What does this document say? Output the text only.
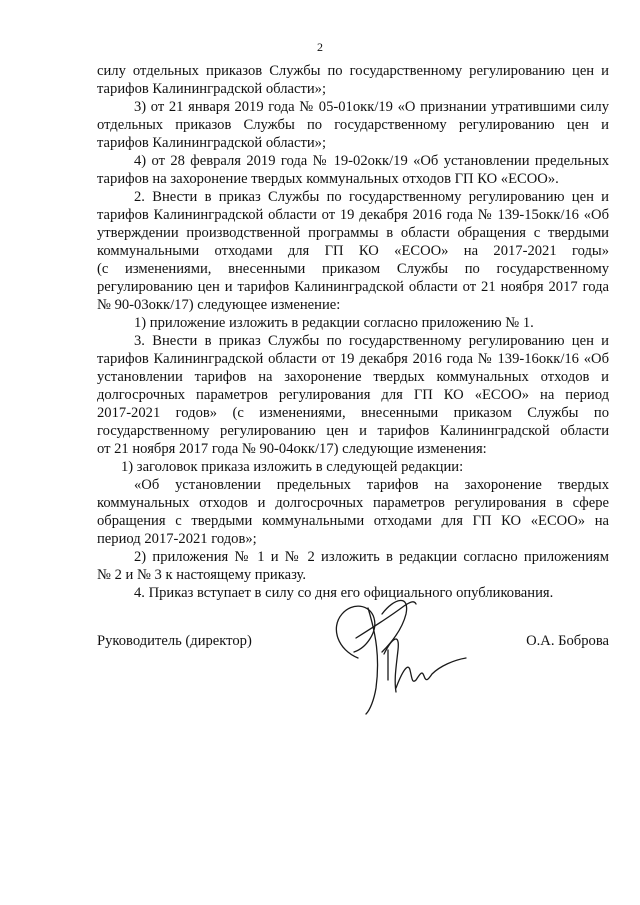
2
силу отдельных приказов Службы по государственному регулированию цен и
тарифов Калининградской области»;
3) от 21 января 2019 года № 05-01окк/19 «О признании утратившими силу
отдельных приказов Службы по государственному регулированию цен и
тарифов Калининградской области»;
4) от 28 февраля 2019 года № 19-02окк/19 «Об установлении предельных
тарифов на захоронение твердых коммунальных отходов ГП КО «ЕСОО».
2. Внести в приказ Службы по государственному регулированию цен и
тарифов Калининградской области от 19 декабря 2016 года № 139-15окк/16 «Об
утверждении производственной программы в области обращения с твердыми
коммунальными отходами для ГП КО «ЕСОО» на 2017-2021 годы»
(с изменениями, внесенными приказом Службы по государственному
регулированию цен и тарифов Калининградской области от 21 ноября 2017 года
№ 90-03окк/17) следующее изменение:
1) приложение изложить в редакции согласно приложению № 1.
3. Внести в приказ Службы по государственному регулированию цен и
тарифов Калининградской области от 19 декабря 2016 года № 139-16окк/16 «Об
установлении тарифов на захоронение твердых коммунальных отходов и
долгосрочных параметров регулирования для ГП КО «ЕСОО» на период
2017-2021 годов» (с изменениями, внесенными приказом Службы по
государственному регулированию цен и тарифов Калининградской области
от 21 ноября 2017 года № 90-04окк/17) следующие изменения:
1) заголовок приказа изложить в следующей редакции:
«Об установлении предельных тарифов на захоронение твердых
коммунальных отходов и долгосрочных параметров регулирования в сфере
обращения с твердыми коммунальными отходами для ГП КО «ЕСОО» на
период 2017-2021 годов»;
2) приложения № 1 и № 2 изложить в редакции согласно приложениям
№ 2 и № 3 к настоящему приказу.
4. Приказ вступает в силу со дня его официального опубликования.
Руководитель (директор)	О.А. Боброва
